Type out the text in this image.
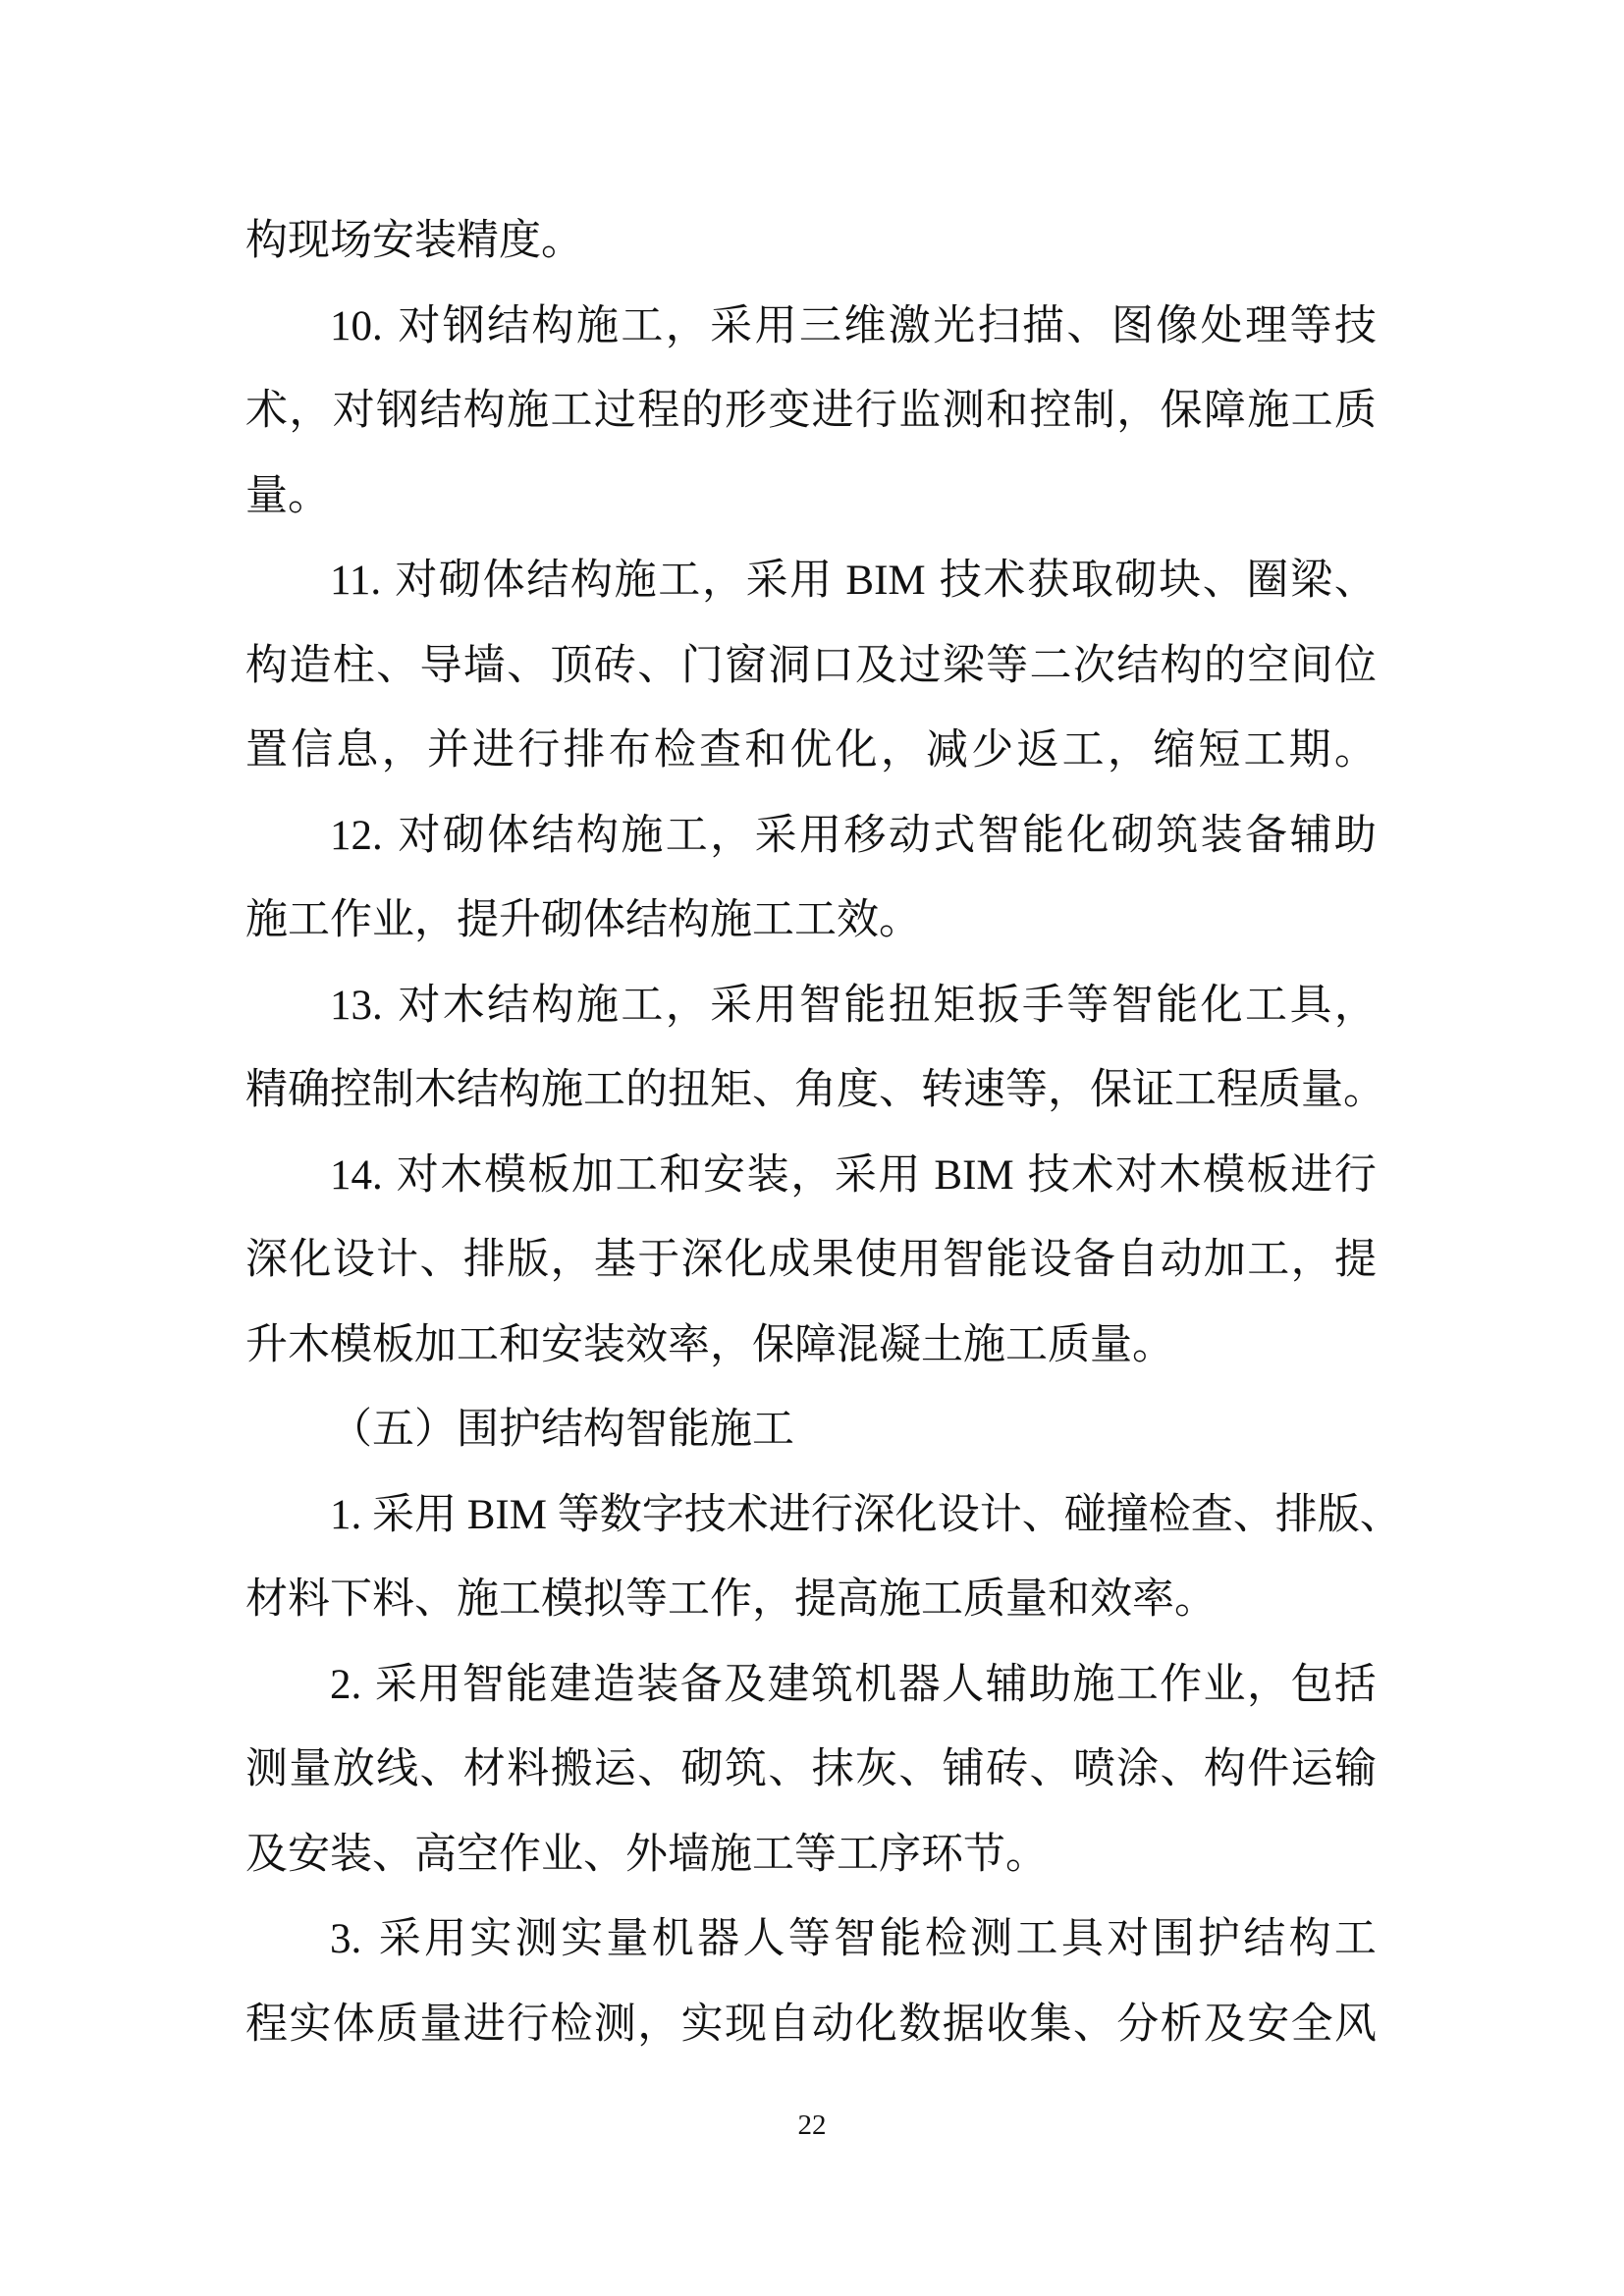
构现场安装精度。
10.
对 钢 结 构 施 工 ， 采 用 三 维 激 光 扫 描 、 图 像 处 理 等 技
术 ， 对 钢 结 构 施 工 过 程 的 形 变 进 行 监 测 和 控 制 ， 保 障 施 工 质
量。
11.
对 砌 体 结 构 施 工 ， 采 用
BIM
技 术 获 取 砌 块 、 圈 梁 、
构 造 柱 、 导 墙 、 顶 砖 、 门 窗 洞 口 及 过 梁 等 二 次 结 构 的 空 间 位
置 信 息 ， 并 进 行 排 布 检 查 和 优 化 ， 减 少 返 工 ， 缩 短 工 期 。
12.
对 砌 体 结 构 施 工 ， 采 用 移 动 式 智 能 化 砌 筑 装 备 辅 助
施工作业，提升砌体结构施工工效。
13.
对 木 结 构 施 工 ， 采 用 智 能 扭 矩 扳 手 等 智 能 化 工 具 ，
精 确 控 制 木 结 构 施 工 的 扭 矩 、 角 度 、 转 速 等 ， 保 证 工 程 质 量 。
14.
对 木 模 板 加 工 和 安 装 ， 采 用
BIM
技 术 对 木 模 板 进 行
深 化 设 计 、 排 版 ， 基 于 深 化 成 果 使 用 智 能 设 备 自 动 加 工 ， 提
升木模板加工和安装效率，保障混凝土施工质量。
（五）围护结构智能施工
1.
采 用
BIM
等 数 字 技 术 进 行 深 化 设 计 、 碰 撞 检 查 、 排 版 、
材料下料、施工模拟等工作，提高施工质量和效率。
2.
采 用 智 能 建 造 装 备 及 建 筑 机 器 人 辅 助 施 工 作 业 ， 包 括
测 量 放 线 、 材 料 搬 运 、 砌 筑 、 抹 灰 、 铺 砖 、 喷 涂 、 构 件 运 输
及安装、高空作业、外墙施工等工序环节。
3.
采 用 实 测 实 量 机 器 人 等 智 能 检 测 工 具 对 围 护 结 构 工
程 实 体 质 量 进 行 检 测 ， 实 现 自 动 化 数 据 收 集 、 分 析 及 安 全 风
22
